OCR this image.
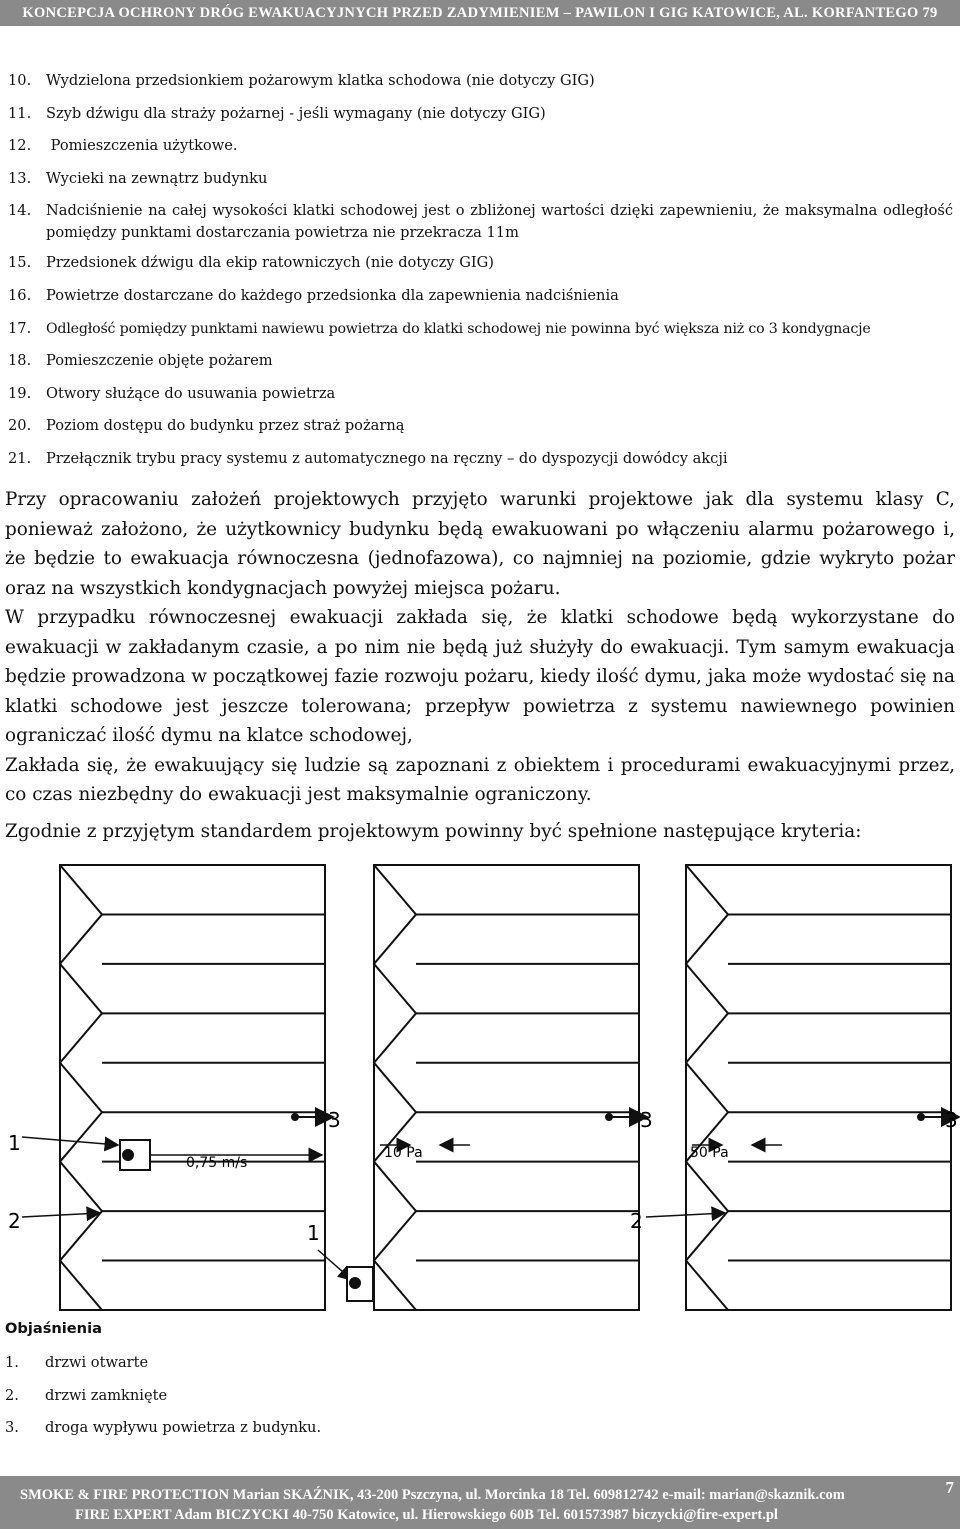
KONCEPCJA OCHRONY DRÓG EWAKUACYJNYCH PRZED ZADYMIENIEM – PAWILON I GIG KATOWICE, AL. KORFANTEGO 79
10.	Wydzielona przedsionkiem pożarowym klatka schodowa (nie dotyczy GIG)
11.	Szyb dźwigu dla straży pożarnej - jeśli wymagany (nie dotyczy GIG)
12.	Pomieszczenia użytkowe.
13.	Wycieki na zewnątrz budynku
14.	Nadciśnienie na całej wysokości klatki schodowej jest o zbliżonej wartości dzięki zapewnieniu, że maksymalna odległość pomiędzy punktami dostarczania powietrza nie przekracza 11m
15.	Przedsionek dźwigu dla ekip ratowniczych (nie dotyczy GIG)
16.	Powietrze dostarczane do każdego przedsionka dla zapewnienia nadciśnienia
17.	Odległość pomiędzy punktami nawiewu powietrza do klatki schodowej nie powinna być większa niż co 3 kondygnacje
18.	Pomieszczenie objęte pożarem
19.	Otwory służące do usuwania powietrza
20.	Poziom dostępu do budynku przez straż pożarną
21.	Przełącznik trybu pracy systemu z automatycznego na ręczny – do dyspozycji dowódcy akcji

Przy opracowaniu założeń projektowych przyjęto warunki projektowe jak dla systemu klasy C, ponieważ założono, że użytkownicy budynku będą ewakuowani po włączeniu alarmu pożarowego i, że będzie to ewakuacja równoczesna (jednofazowa), co najmniej na poziomie, gdzie wykryto pożar oraz na wszystkich kondygnacjach powyżej miejsca pożaru.

W przypadku równoczesnej ewakuacji zakłada się, że klatki schodowe będą wykorzystane do ewakuacji w zakładanym czasie, a po nim nie będą już służyły do ewakuacji. Tym samym ewakuacja będzie prowadzona w początkowej fazie rozwoju pożaru, kiedy ilość dymu, jaka może wydostać się na klatki schodowe jest jeszcze tolerowana; przepływ powietrza z systemu nawiewnego powinien ograniczać ilość dymu na klatce schodowej,

Zakłada się, że ewakuujący się ludzie są zapoznani z obiektem i procedurami ewakuacyjnymi przez, co czas niezbędny do ewakuacji jest maksymalnie ograniczony.

Zgodnie z przyjętym standardem projektowym powinny być spełnione następujące kryteria:
1
2
3	3	3
1	2
0,75 m/s
10 Pa	50 Pa
Objaśnienia
1.	drzwi otwarte
2.	drzwi zamknięte
3.	droga wypływu powietrza z budynku.
SMOKE & FIRE PROTECTION Marian SKAŹNIK, 43-200 Pszczyna, ul. Morcinka 18 Tel. 609812742 e-mail: marian@skaznik.com
FIRE EXPERT Adam BICZYCKI 40-750 Katowice, ul. Hierowskiego 60B Tel. 601573987 biczycki@fire-expert.pl
7
